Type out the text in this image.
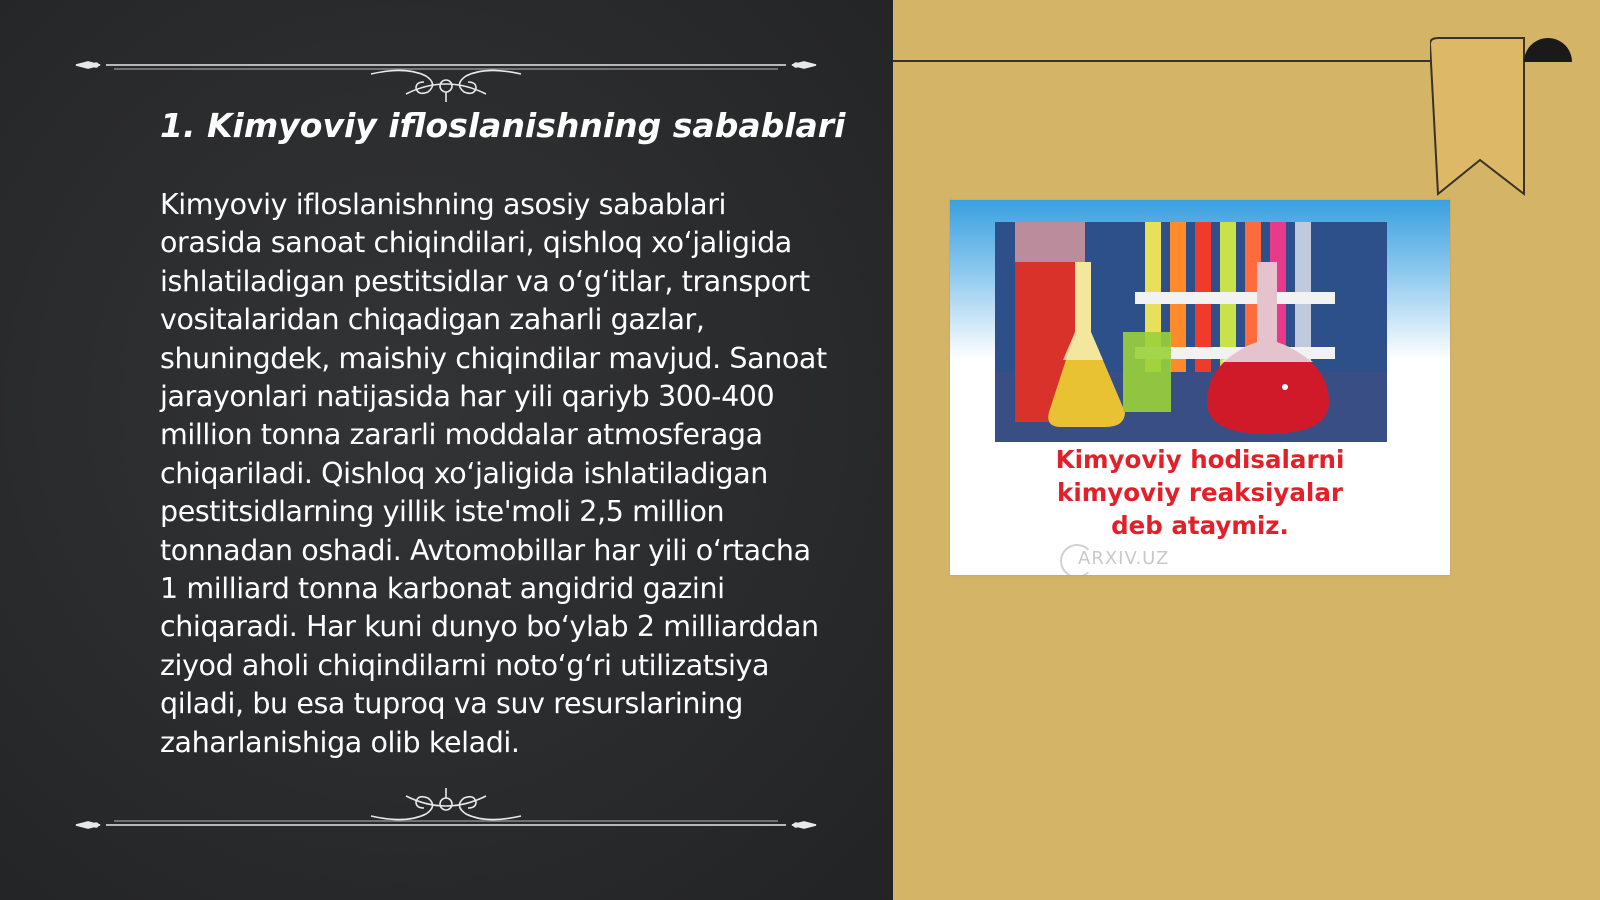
1. Kimyoviy ifloslanishning sabablari

Kimyoviy ifloslanishning asosiy sabablari orasida sanoat chiqindilari, qishloq xo‘jaligida ishlatiladigan pestitsidlar va o‘g‘itlar, transport vositalaridan chiqadigan zaharli gazlar, shuningdek, maishiy chiqindilar mavjud. Sanoat jarayonlari natijasida har yili qariyb 300-400 million tonna zararli moddalar atmosferaga chiqariladi. Qishloq xo‘jaligida ishlatiladigan pestitsidlarning yillik iste'moli 2,5 million tonnadan oshadi. Avtomobillar har yili o‘rtacha 1 milliard tonna karbonat angidrid gazini chiqaradi. Har kuni dunyo bo‘ylab 2 milliarddan ziyod aholi chiqindilarni noto‘g‘ri utilizatsiya qiladi, bu esa tuproq va suv resurslarining zaharlanishiga olib keladi.

Kimyoviy hodisalarni
kimyoviy reaksiyalar
deb ataymiz.
ARXIV.UZ
